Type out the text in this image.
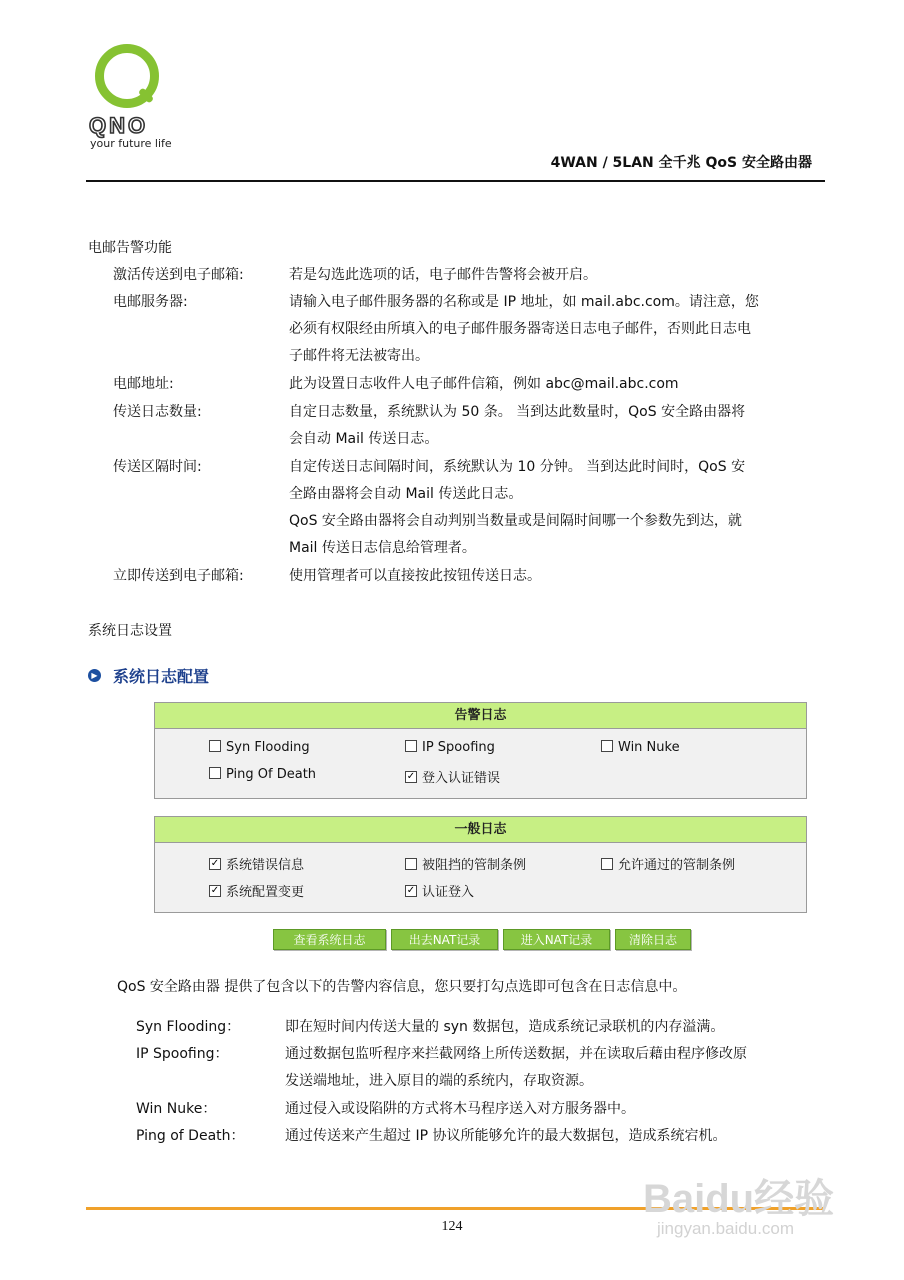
QNO
your future life
4WAN / 5LAN 全千兆 QoS 安全路由器
电邮告警功能
激活传送到电子邮箱:	若是勾选此选项的话，电子邮件告警将会被开启。
电邮服务器:	请输入电子邮件服务器的名称或是 IP 地址，如 mail.abc.com。请注意，您
必须有权限经由所填入的电子邮件服务器寄送日志电子邮件，否则此日志电
子邮件将无法被寄出。
电邮地址:	此为设置日志收件人电子邮件信箱，例如 abc@mail.abc.com
传送日志数量:	自定日志数量，系统默认为 50 条。 当到达此数量时，QoS 安全路由器将
会自动 Mail 传送日志。
传送区隔时间:	自定传送日志间隔时间，系统默认为 10 分钟。 当到达此时间时，QoS 安
全路由器将会自动 Mail 传送此日志。
QoS 安全路由器将会自动判别当数量或是间隔时间哪一个参数先到达，就
Mail 传送日志信息给管理者。
立即传送到电子邮箱:	使用管理者可以直接按此按钮传送日志。
系统日志设置
▶ 系统日志配置
告警日志
Syn Flooding	IP Spoofing	Win Nuke
Ping Of Death	✓ 登入认证错误
一般日志
✓ 系统错误信息	被阻挡的管制条例	允许通过的管制条例
✓ 系统配置变更	✓ 认证登入
查看系统日志	出去NAT记录	进入NAT记录	清除日志
QoS 安全路由器 提供了包含以下的告警内容信息，您只要打勾点选即可包含在日志信息中。
Syn Flooding：	即在短时间内传送大量的 syn 数据包，造成系统记录联机的内存溢满。
IP Spoofing：	通过数据包监听程序来拦截网络上所传送数据，并在读取后藉由程序修改原
发送端地址，进入原目的端的系统内，存取资源。
Win Nuke：	通过侵入或设陷阱的方式将木马程序送入对方服务器中。
Ping of Death：	通过传送来产生超过 IP 协议所能够允许的最大数据包，造成系统宕机。
124
Baidu经验
jingyan.baidu.com
